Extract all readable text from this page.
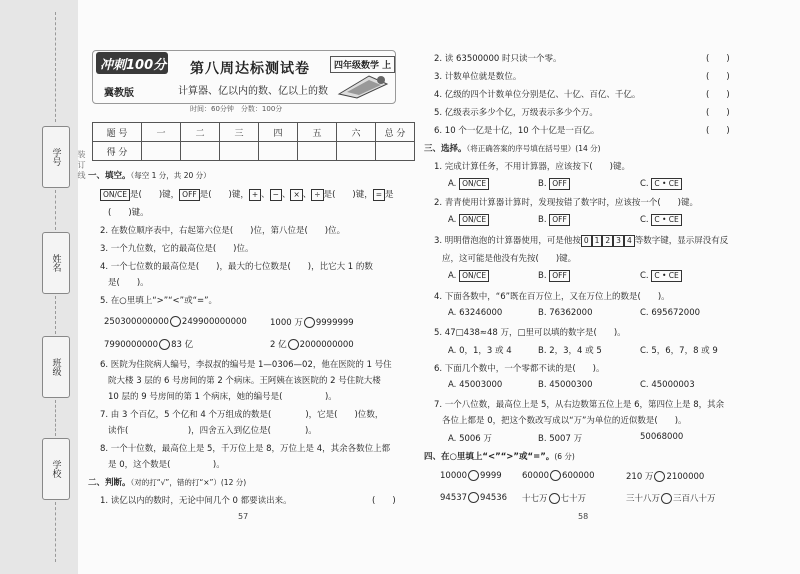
学号
姓名
班级
学校
装 订 线
冲刺100分
冀教版
第八周达标测试卷	四年级数学 上
计算器、亿以内的数、亿以上的数
时间：60分钟　分数：100分
题 号	一	二	三	四	五	六	总 分
得 分							
一、填空。（每空 1 分，共 20 分）
ON/CE 是(　　)键， OFF 是(　　)键， + 、 − 、 × 、 ÷ 是(　　)键， = 是
(　　)键。
2. 在数位顺序表中，右起第六位是(　　)位，第八位是(　　)位。
3. 一个九位数，它的最高位是(　　)位。
4. 一个七位数的最高位是(　　)，最大的七位数是(　　)，比它大 1 的数
是(　　)。
5. 在○里填上“>”“<”或“=”。
250300000000 249900000000	1000 万 9999999
7990000000 83 亿	2 亿 2000000000
6. 医院为住院病人编号，李叔叔的编号是 1—0306—02，他在医院的 1 号住
院大楼 3 层的 6 号房间的第 2 个病床。王阿姨在该医院的 2 号住院大楼
10 层的 9 号房间的第 1 个病床，她的编号是(　　　　　)。
7. 由 3 个百亿，5 个亿和 4 个万组成的数是(　　　　)，它是(　　)位数，
读作(　　　　　　　)，四舍五入到亿位是(　　　　)。
8. 一个十位数，最高位上是 5，千万位上是 8，万位上是 4，其余各数位上都
是 0，这个数是(　　　　　)。
二、判断。（对的打“√”，错的打“×”）(12 分)
1. 读亿以内的数时，无论中间几个 0 都要读出来。	(　　)
57
2. 读 63500000 时只读一个零。	(　　)
3. 计数单位就是数位。	(　　)
4. 亿级的四个计数单位分别是亿、十亿、百亿、千亿。	(　　)
5. 亿级表示多少个亿，万级表示多少个万。	(　　)
6. 10 个一亿是十亿，10 个十亿是一百亿。	(　　)
三、选择。（将正确答案的序号填在括号里）(14 分)
1. 完成计算任务，不用计算器，应该按下(　　)键。
A. ON/CE	B. OFF	C. C • CE
2. 青青使用计算器计算时，发现按错了数字时，应该按一个(　　)键。
A. ON/CE	B. OFF	C. C • CE
3. 明明借泡泡的计算器使用，可是他按 0 1 2 3 4 等数字键，显示屏没有反
应，这可能是他没有先按(　　)键。
A. ON/CE	B. OFF	C. C • CE
4. 下面各数中，“6”既在百万位上，又在万位上的数是(　　)。
A. 63246000	B. 76362000	C. 695672000
5. 47□438≈48 万，□里可以填的数字是(　　)。
A. 0，1，3 或 4	B. 2，3，4 或 5	C. 5，6，7，8 或 9
6. 下面几个数中，一个零都不读的是(　　)。
A. 45003000	B. 45000300	C. 45000003
7. 一个八位数，最高位上是 5，从右边数第五位上是 6，第四位上是 8，其余
各位上都是 0，把这个数改写成以“万”为单位的近似数是(　　)。
A. 5006 万	B. 5007 万	50068000
四、在○里填上“<”“>”或“=”。(6 分)
10000 9999 60000 600000	210 万 2100000
94537 94536 十七万 七十万	三十八万 三百八十万
58
